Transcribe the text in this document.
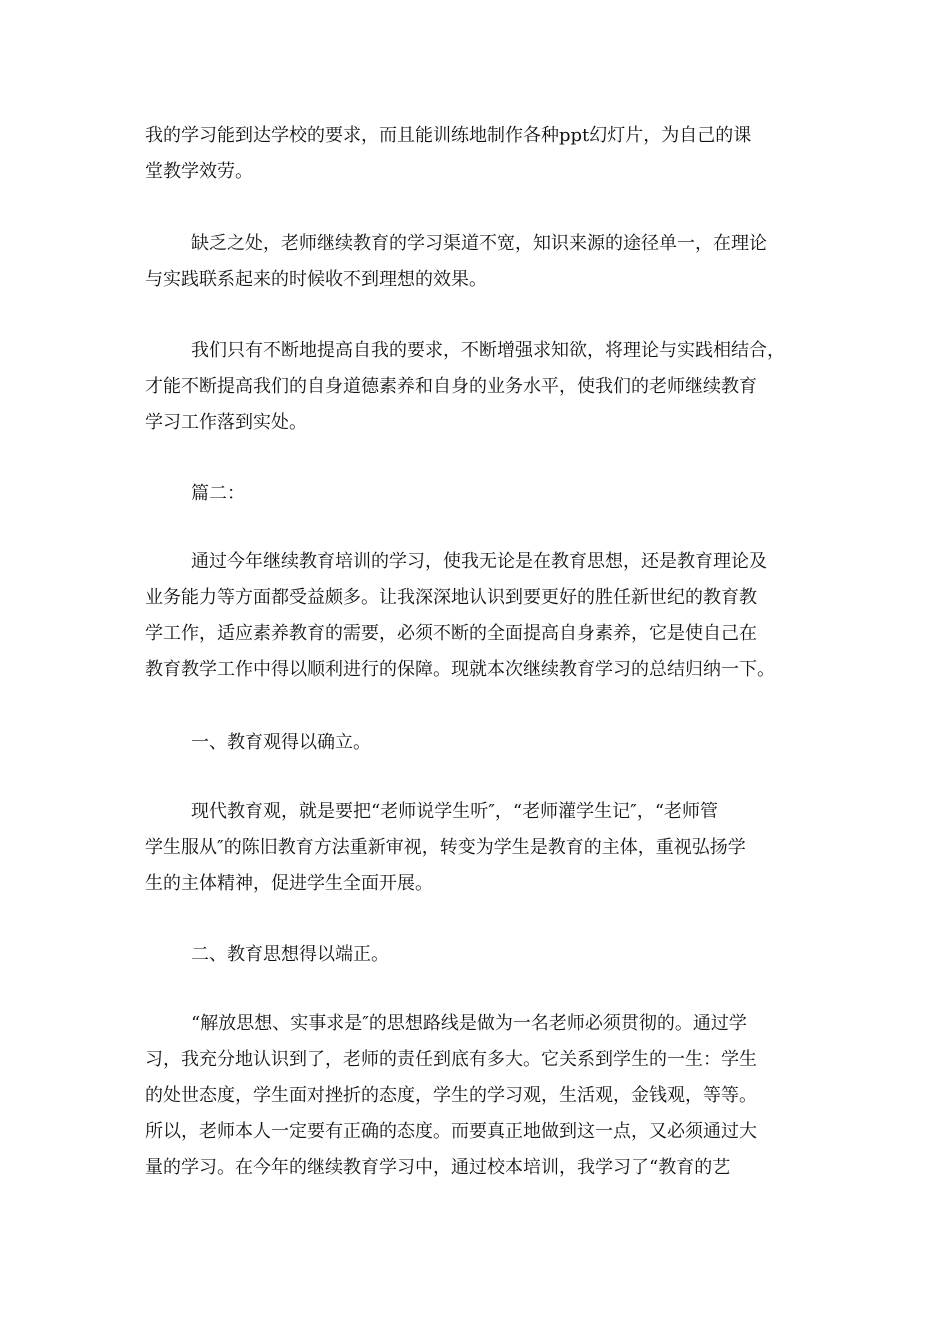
我的学习能到达学校的要求，而且能训练地制作各种ppt幻灯片，为自己的课
堂教学效劳。

缺乏之处，老师继续教育的学习渠道不宽，知识来源的途径单一，在理论
与实践联系起来的时候收不到理想的效果。

我们只有不断地提高自我的要求，不断增强求知欲，将理论与实践相结合，
才能不断提高我们的自身道德素养和自身的业务水平，使我们的老师继续教育
学习工作落到实处。

篇二：

通过今年继续教育培训的学习，使我无论是在教育思想，还是教育理论及
业务能力等方面都受益颇多。让我深深地认识到要更好的胜任新世纪的教育教
学工作，适应素养教育的需要，必须不断的全面提高自身素养，它是使自己在
教育教学工作中得以顺利进行的保障。现就本次继续教育学习的总结归纳一下。

一、教育观得以确立。

现代教育观，就是要把“老师说学生听″，“老师灌学生记″，“老师管
学生服从″的陈旧教育方法重新审视，转变为学生是教育的主体，重视弘扬学
生的主体精神，促进学生全面开展。

二、教育思想得以端正。

“解放思想、实事求是″的思想路线是做为一名老师必须贯彻的。通过学
习，我充分地认识到了，老师的责任到底有多大。它关系到学生的一生：学生
的处世态度，学生面对挫折的态度，学生的学习观，生活观，金钱观，等等。
所以，老师本人一定要有正确的态度。而要真正地做到这一点，又必须通过大
量的学习。在今年的继续教育学习中，通过校本培训，我学习了“教育的艺
